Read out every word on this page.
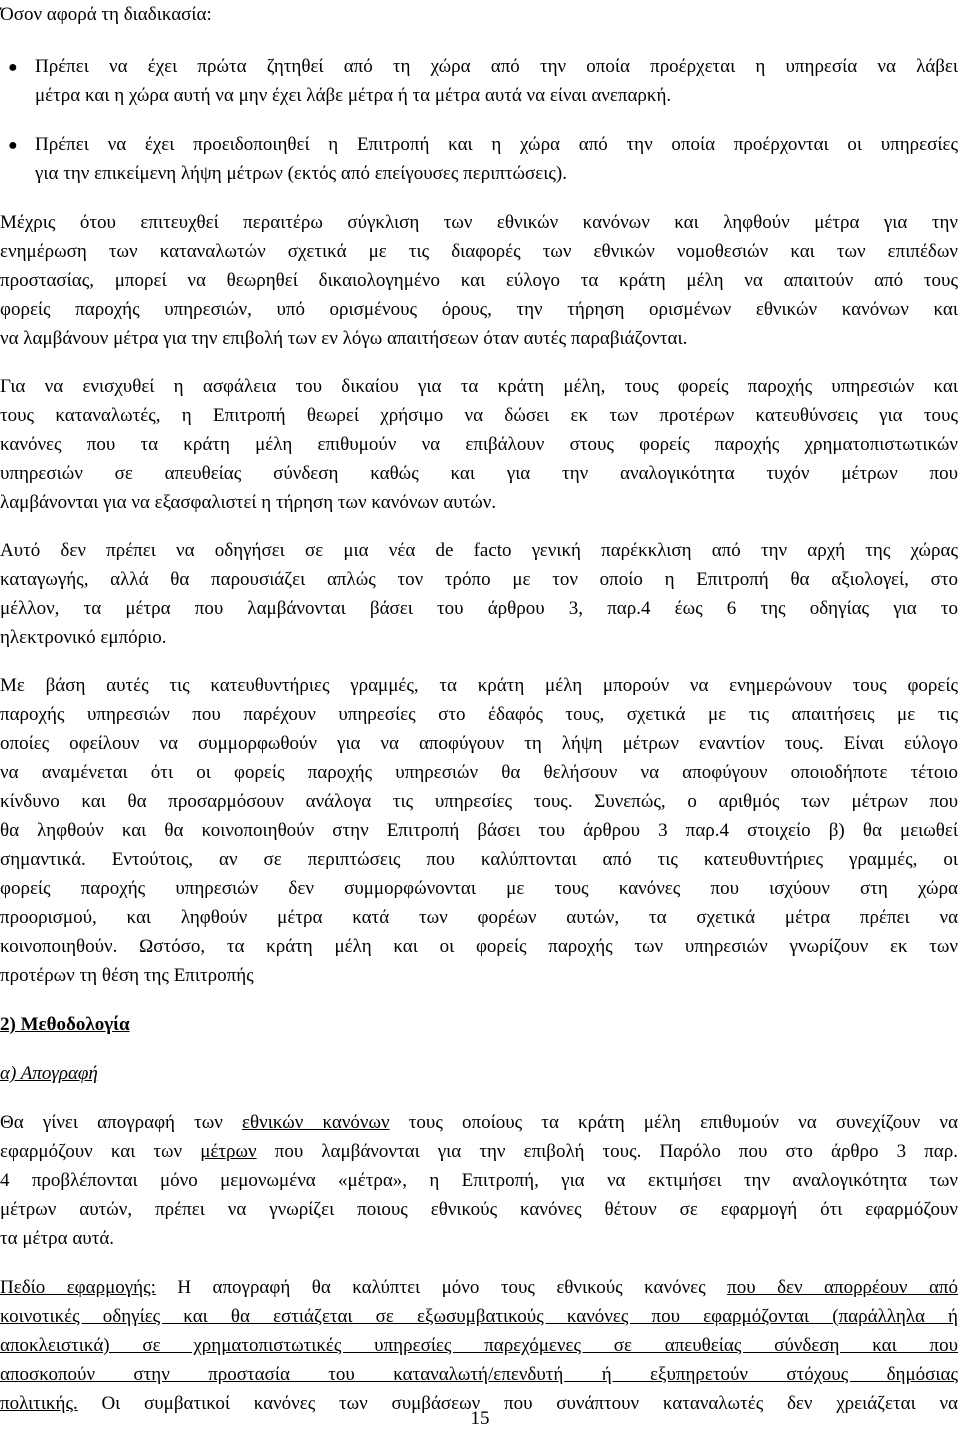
Όσον αφορά τη διαδικασία:
● Πρέπει να έχει πρώτα ζητηθεί από τη χώρα από την οποία προέρχεται η υπηρεσία να λάβει
μέτρα και η χώρα αυτή να μην έχει λάβε μέτρα ή τα μέτρα αυτά να είναι ανεπαρκή.
● Πρέπει να έχει προειδοποιηθεί η Επιτροπή και η χώρα από την οποία προέρχονται οι υπηρεσίες
για την επικείμενη λήψη μέτρων (εκτός από επείγουσες περιπτώσεις).
Μέχρις ότου επιτευχθεί περαιτέρω σύγκλιση των εθνικών κανόνων και ληφθούν μέτρα για την
ενημέρωση των καταναλωτών σχετικά με τις διαφορές των εθνικών νομοθεσιών και των επιπέδων
προστασίας, μπορεί να θεωρηθεί δικαιολογημένο και εύλογο τα κράτη μέλη να απαιτούν από τους
φορείς παροχής υπηρεσιών, υπό ορισμένους όρους, την τήρηση ορισμένων εθνικών κανόνων και
να λαμβάνουν μέτρα για την επιβολή των εν λόγω απαιτήσεων όταν αυτές παραβιάζονται.
Για να ενισχυθεί η ασφάλεια του δικαίου για τα κράτη μέλη, τους φορείς παροχής υπηρεσιών και
τους καταναλωτές, η Επιτροπή θεωρεί χρήσιμο να δώσει εκ των προτέρων κατευθύνσεις για τους
κανόνες που τα κράτη μέλη επιθυμούν να επιβάλουν στους φορείς παροχής χρηματοπιστωτικών
υπηρεσιών σε απευθείας σύνδεση καθώς και για την αναλογικότητα τυχόν μέτρων που
λαμβάνονται για να εξασφαλιστεί η τήρηση των κανόνων αυτών.
Αυτό δεν πρέπει να οδηγήσει σε μια νέα de facto γενική παρέκκλιση από την αρχή της χώρας
καταγωγής, αλλά θα παρουσιάζει απλώς τον τρόπο με τον οποίο η Επιτροπή θα αξιολογεί, στο
μέλλον, τα μέτρα που λαμβάνονται βάσει του άρθρου 3, παρ.4 έως 6 της οδηγίας για το
ηλεκτρονικό εμπόριο.
Με βάση αυτές τις κατευθυντήριες γραμμές, τα κράτη μέλη μπορούν να ενημερώνουν τους φορείς
παροχής υπηρεσιών που παρέχουν υπηρεσίες στο έδαφός τους, σχετικά με τις απαιτήσεις με τις
οποίες οφείλουν να συμμορφωθούν για να αποφύγουν τη λήψη μέτρων εναντίον τους. Είναι εύλογο
να αναμένεται ότι οι φορείς παροχής υπηρεσιών θα θελήσουν να αποφύγουν οποιοδήποτε τέτοιο
κίνδυνο και θα προσαρμόσουν ανάλογα τις υπηρεσίες τους. Συνεπώς, ο αριθμός των μέτρων που
θα ληφθούν και θα κοινοποιηθούν στην Επιτροπή βάσει του άρθρου 3 παρ.4 στοιχείο β) θα μειωθεί
σημαντικά. Εντούτοις, αν σε περιπτώσεις που καλύπτονται από τις κατευθυντήριες γραμμές, οι
φορείς παροχής υπηρεσιών δεν συμμορφώνονται με τους κανόνες που ισχύουν στη χώρα
προορισμού, και ληφθούν μέτρα κατά των φορέων αυτών, τα σχετικά μέτρα πρέπει να
κοινοποιηθούν. Ωστόσο, τα κράτη μέλη και οι φορείς παροχής των υπηρεσιών γνωρίζουν εκ των
προτέρων τη θέση της Επιτροπής
2) Μεθοδολογία
α) Απογραφή
Θα γίνει απογραφή των εθνικών κανόνων τους οποίους τα κράτη μέλη επιθυμούν να συνεχίζουν να
εφαρμόζουν και των μέτρων που λαμβάνονται για την επιβολή τους. Παρόλο που στο άρθρο 3 παρ.
4 προβλέπονται μόνο μεμονωμένα «μέτρα», η Επιτροπή, για να εκτιμήσει την αναλογικότητα των
μέτρων αυτών, πρέπει να γνωρίζει ποιους εθνικούς κανόνες θέτουν σε εφαρμογή ότι εφαρμόζουν
τα μέτρα αυτά.
Πεδίο εφαρμογής: Η απογραφή θα καλύπτει μόνο τους εθνικούς κανόνες που δεν απορρέουν από
κοινοτικές οδηγίες και θα εστιάζεται σε εξωσυμβατικούς κανόνες που εφαρμόζονται (παράλληλα ή
αποκλειστικά) σε χρηματοπιστωτικές υπηρεσίες παρεχόμενες σε απευθείας σύνδεση και που
αποσκοπούν στην προστασία του καταναλωτή/επενδυτή ή εξυπηρετούν στόχους δημόσιας
πολιτικής. Οι συμβατικοί κανόνες των συμβάσεων που συνάπτουν καταναλωτές δεν χρειάζεται να
15
